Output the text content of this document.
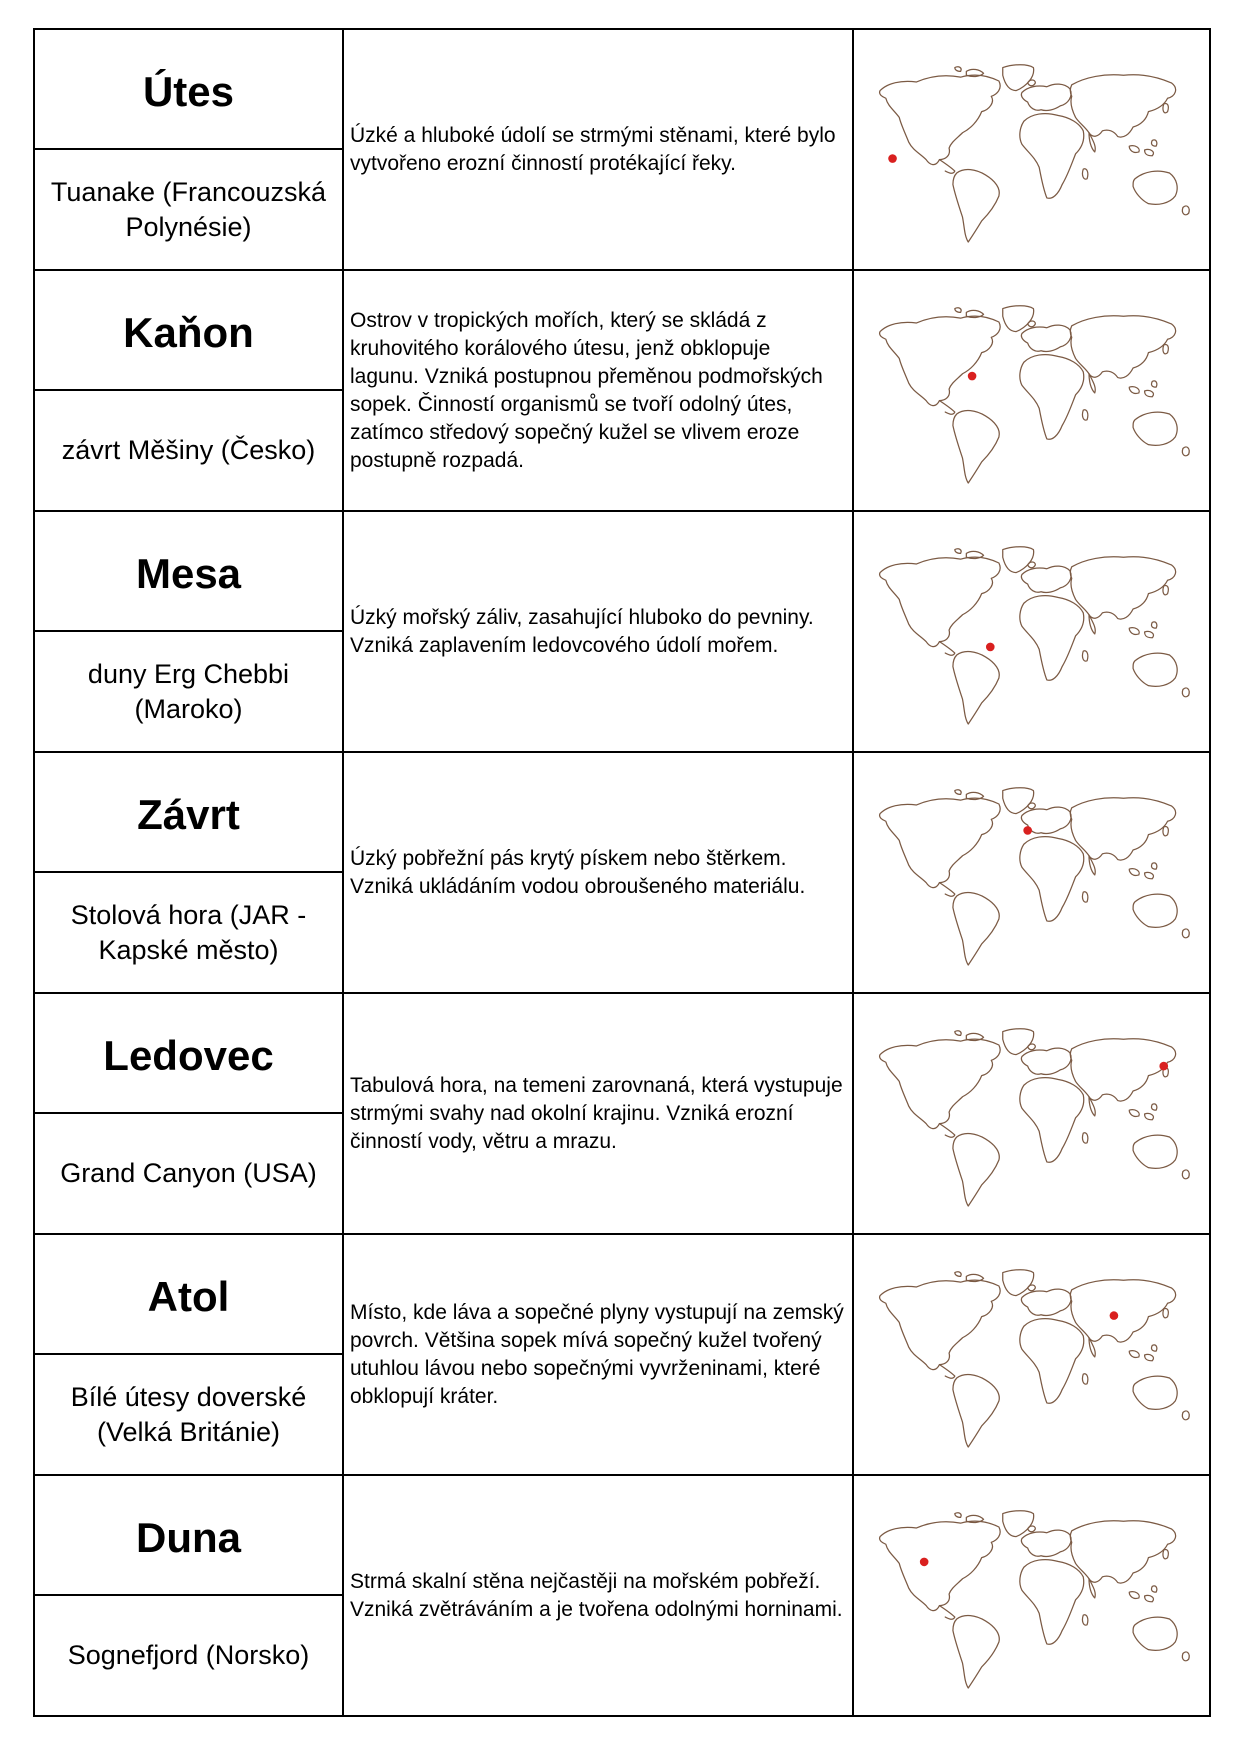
Útes
Tuanake (Francouzská Polynésie)
Úzké a hluboké údolí se strmými stěnami, které bylo vytvořeno erozní činností protékající řeky.
Kaňon
závrt Měšiny (Česko)
Ostrov v tropických mořích, který se skládá z kruhovitého korálového útesu, jenž obklopuje lagunu. Vzniká postupnou přeměnou podmořských sopek. Činností organismů se tvoří odolný útes, zatímco středový sopečný kužel se vlivem eroze postupně rozpadá.
Mesa
duny Erg Chebbi (Maroko)
Úzký mořský záliv, zasahující hluboko do pevniny. Vzniká zaplavením ledovcového údolí mořem.
Závrt
Stolová hora (JAR - Kapské město)
Úzký pobřežní pás krytý pískem nebo štěrkem. Vzniká ukládáním vodou obroušeného materiálu.
Ledovec
Grand Canyon (USA)
Tabulová hora, na temeni zarovnaná, která vystupuje strmými svahy nad okolní krajinu. Vzniká erozní činností vody, větru a mrazu.
Atol
Bílé útesy doverské (Velká Británie)
Místo, kde láva a sopečné plyny vystupují na zemský povrch. Většina sopek mívá sopečný kužel tvořený utuhlou lávou nebo sopečnými vyvrženinami, které obklopují kráter.
Duna
Sognefjord (Norsko)
Strmá skalní stěna nejčastěji na mořském pobřeží. Vzniká zvětráváním a je tvořena odolnými horninami.
